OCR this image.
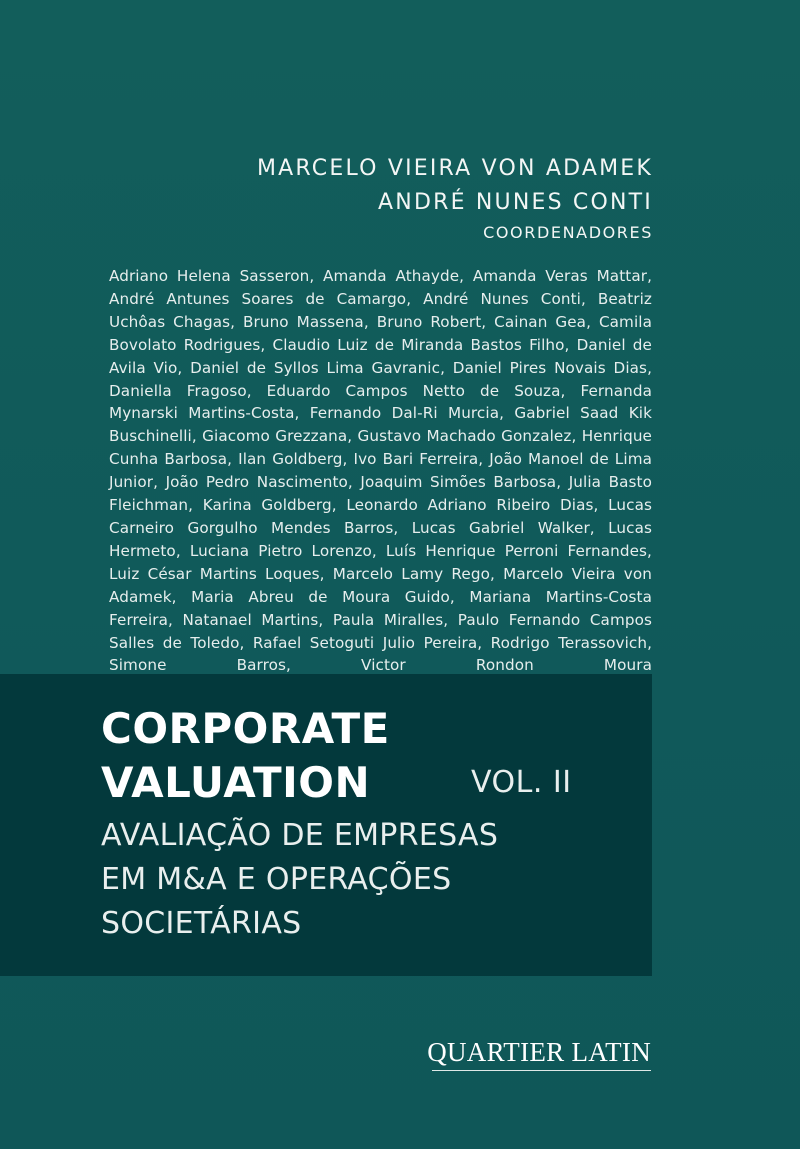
MARCELO VIEIRA VON ADAMEK
ANDRÉ NUNES CONTI
COORDENADORES
Adriano Helena Sasseron, Amanda Athayde, Amanda Veras Mattar, André Antunes Soares de Camargo, André Nunes Conti, Beatriz Uchôas Chagas, Bruno Massena, Bruno Robert, Cainan Gea, Camila Bovolato Rodrigues, Claudio Luiz de Miranda Bastos Filho, Daniel de Avila Vio, Daniel de Syllos Lima Gavranic, Daniel Pires Novais Dias, Daniella Fragoso, Eduardo Campos Netto de Souza, Fernanda Mynarski Martins-Costa, Fernando Dal-Ri Murcia, Gabriel Saad Kik Buschinelli, Giacomo Grezzana, Gustavo Machado Gonzalez, Henrique Cunha Barbosa, Ilan Goldberg, Ivo Bari Ferreira, João Manoel de Lima Junior, João Pedro Nascimento, Joaquim Simões Barbosa, Julia Basto Fleichman, Karina Goldberg, Leonardo Adriano Ribeiro Dias, Lucas Carneiro Gorgulho Mendes Barros, Lucas Gabriel Walker, Lucas Hermeto, Luciana Pietro Lorenzo, Luís Henrique Perroni Fernandes, Luiz César Martins Loques, Marcelo Lamy Rego, Marcelo Vieira von Adamek, Maria Abreu de Moura Guido, Mariana Martins-Costa Ferreira, Natanael Martins, Paula Miralles, Paulo Fernando Campos Salles de Toledo, Rafael Setoguti Julio Pereira, Rodrigo Terassovich, Simone Barros, Victor Rondon Moura
CORPORATE
VALUATION	VOL. II
AVALIAÇÃO DE EMPRESAS
EM M&A E OPERAÇÕES
SOCIETÁRIAS
QUARTIER LATIN
